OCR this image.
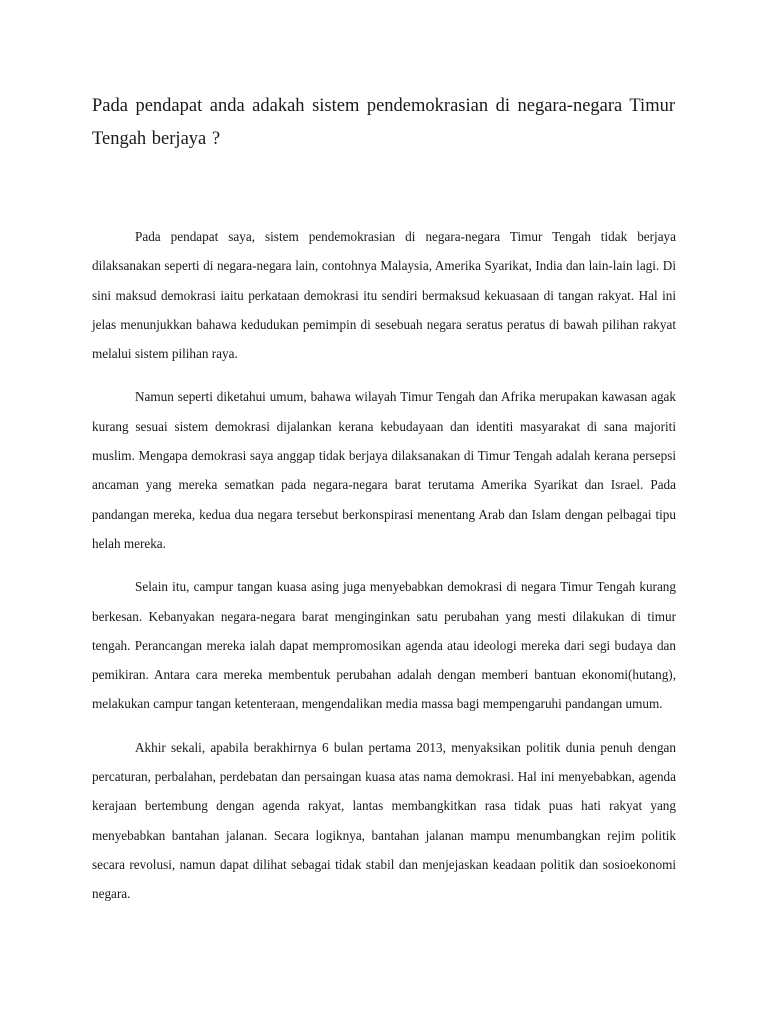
Pada pendapat anda adakah sistem pendemokrasian di negara-negara Timur Tengah berjaya ?

Pada pendapat saya, sistem pendemokrasian di negara-negara Timur Tengah tidak berjaya dilaksanakan seperti di negara-negara lain, contohnya Malaysia, Amerika Syarikat, India dan lain-lain lagi. Di sini maksud demokrasi iaitu perkataan demokrasi itu sendiri bermaksud kekuasaan di tangan rakyat. Hal ini jelas menunjukkan bahawa kedudukan pemimpin di sesebuah negara seratus peratus di bawah pilihan rakyat melalui sistem pilihan raya.

Namun seperti diketahui umum, bahawa wilayah Timur Tengah dan Afrika merupakan kawasan agak kurang sesuai sistem demokrasi dijalankan kerana kebudayaan dan identiti masyarakat di sana majoriti muslim. Mengapa demokrasi saya anggap tidak berjaya dilaksanakan di Timur Tengah adalah kerana persepsi ancaman yang mereka sematkan pada negara-negara barat terutama Amerika Syarikat dan Israel. Pada pandangan mereka, kedua dua negara tersebut berkonspirasi menentang Arab dan Islam dengan pelbagai tipu helah mereka.

Selain itu, campur tangan kuasa asing juga menyebabkan demokrasi di negara Timur Tengah kurang berkesan. Kebanyakan negara-negara barat menginginkan satu perubahan yang mesti dilakukan di timur tengah. Perancangan mereka ialah dapat mempromosikan agenda atau ideologi mereka dari segi budaya dan pemikiran. Antara cara mereka membentuk perubahan adalah dengan memberi bantuan ekonomi(hutang), melakukan campur tangan ketenteraan, mengendalikan media massa bagi mempengaruhi pandangan umum.

Akhir sekali, apabila berakhirnya 6 bulan pertama 2013, menyaksikan politik dunia penuh dengan percaturan, perbalahan, perdebatan dan persaingan kuasa atas nama demokrasi. Hal ini menyebabkan, agenda kerajaan bertembung dengan agenda rakyat, lantas membangkitkan rasa tidak puas hati rakyat yang menyebabkan bantahan jalanan. Secara logiknya, bantahan jalanan mampu menumbangkan rejim politik secara revolusi, namun dapat dilihat sebagai tidak stabil dan menjejaskan keadaan politik dan sosioekonomi negara.
